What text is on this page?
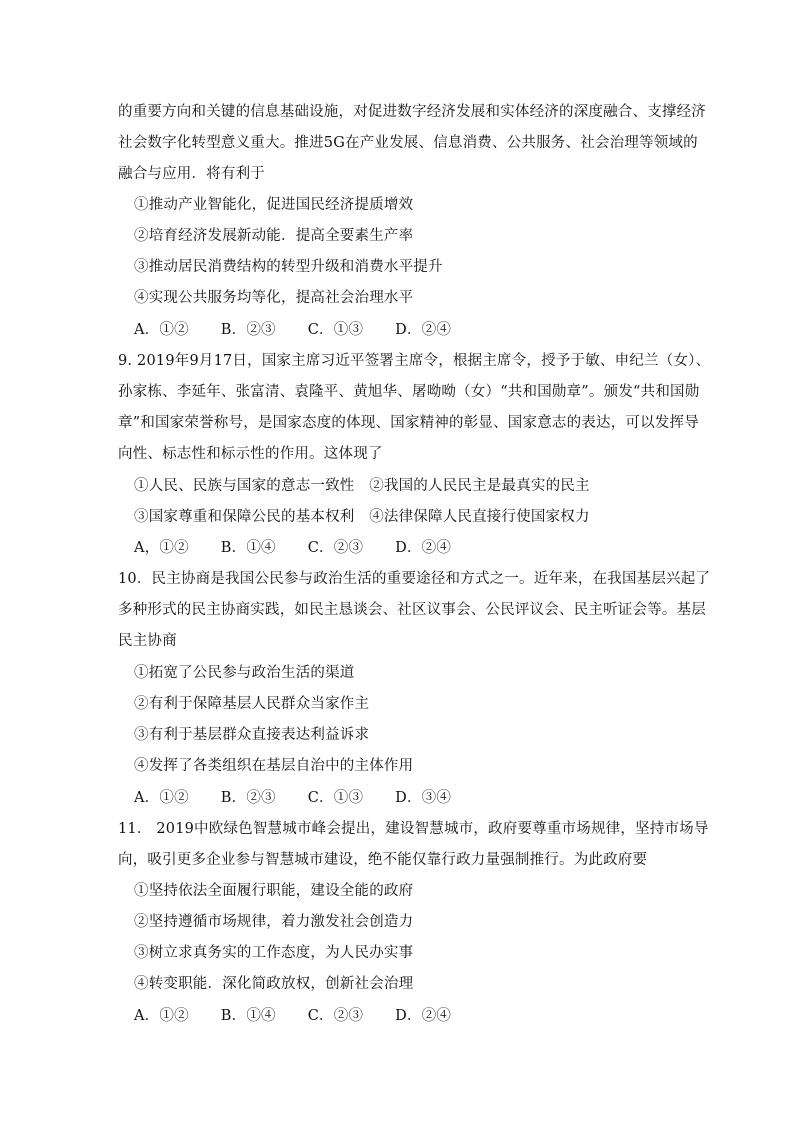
的重要方向和关键的信息基础设施，对促进数字经济发展和实体经济的深度融合、支撑经济
社会数字化转型意义重大。推进5G在产业发展、信息消费、公共服务、社会治理等领域的
融合与应用．将有利于
①推动产业智能化，促进国民经济提质增效
②培育经济发展新动能．提高全要素生产率
③推动居民消费结构的转型升级和消费水平提升
④实现公共服务均等化，提高社会治理水平
A．①② B．②③ C．①③ D．②④
9. 2019年9月17日，国家主席习近平签署主席令，根据主席令，授予于敏、申纪兰（女）、
孙家栋、李延年、张富清、袁隆平、黄旭华、屠呦呦（女）“共和国勋章”。颁发“共和国勋
章”和国家荣誉称号，是国家态度的体现、国家精神的彰显、国家意志的表达，可以发挥导
向性、标志性和标示性的作用。这体现了
①人民、民族与国家的意志一致性　②我国的人民民主是最真实的民主
③国家尊重和保障公民的基本权利　④法律保障人民直接行使国家权力
A，①② B．①④ C．②③ D．②④
10．民主协商是我国公民参与政治生活的重要途径和方式之一。近年来，在我国基层兴起了
多种形式的民主协商实践，如民主恳谈会、社区议事会、公民评议会、民主听证会等。基层
民主协商
①拓宽了公民参与政治生活的渠道
②有利于保障基层人民群众当家作主
③有利于基层群众直接表达利益诉求
④发挥了各类组织在基层自治中的主体作用
A．①② B．②③ C．①③ D．③④
11． 2019中欧绿色智慧城市峰会提出，建设智慧城市，政府要尊重市场规律，坚持市场导
向，吸引更多企业参与智慧城市建设，绝不能仅靠行政力量强制推行。为此政府要
①坚持依法全面履行职能，建设全能的政府
②坚持遵循市场规律，着力激发社会创造力
③树立求真务实的工作态度，为人民办实事
④转变职能．深化简政放权，创新社会治理
A．①② B．①④ C．②③ D．②④
